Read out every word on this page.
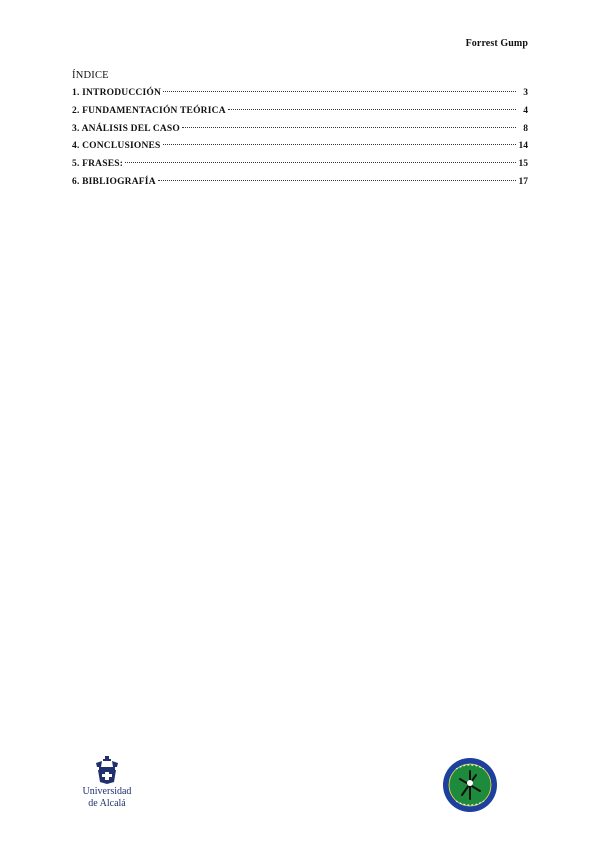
Forrest Gump
ÍNDICE
1. INTRODUCCIÓN	3
2. FUNDAMENTACIÓN TEÓRICA	4
3. ANÁLISIS DEL CASO	8
4. CONCLUSIONES	14
5. FRASES:	15
6. BIBLIOGRAFÍA	17
Universidad
de Alcalá
